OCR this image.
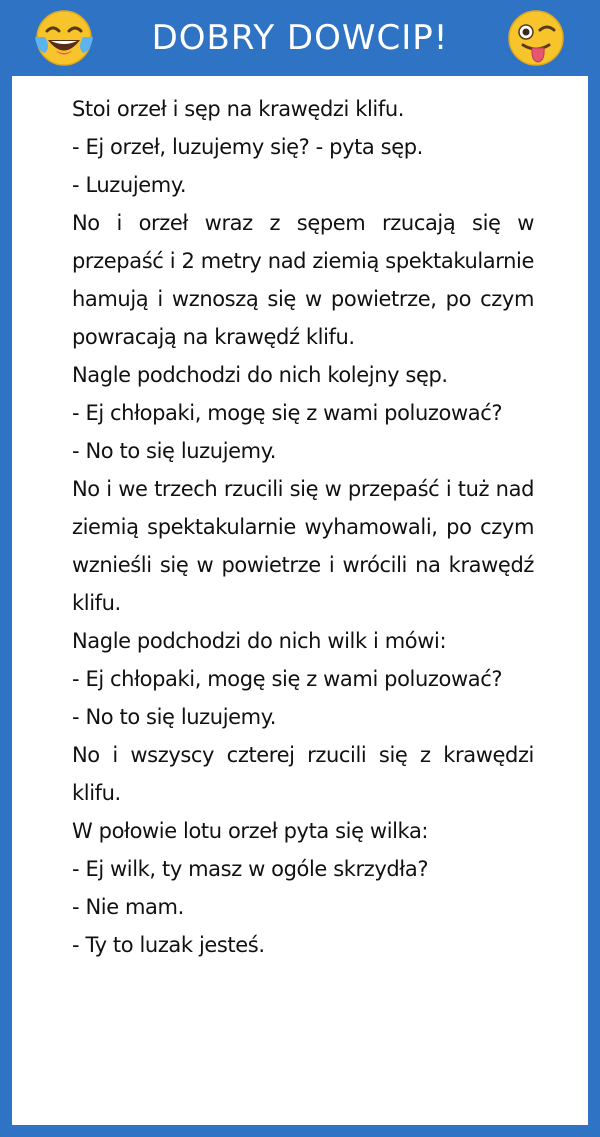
DOBRY DOWCIP!

Stoi orzeł i sęp na krawędzi klifu.

- Ej orzeł, luzujemy się? - pyta sęp.

- Luzujemy.

No i orzeł wraz z sępem rzucają się w przepaść i 2 metry nad ziemią spektakularnie hamują i wznoszą się w powietrze, po czym powracają na krawędź klifu.

Nagle podchodzi do nich kolejny sęp.

- Ej chłopaki, mogę się z wami poluzować?

- No to się luzujemy.

No i we trzech rzucili się w przepaść i tuż nad ziemią spektakularnie wyhamowali, po czym wznieśli się w powietrze i wrócili na krawędź klifu.

Nagle podchodzi do nich wilk i mówi:

- Ej chłopaki, mogę się z wami poluzować?

- No to się luzujemy.

No i wszyscy czterej rzucili się z krawędzi klifu.

W połowie lotu orzeł pyta się wilka:

- Ej wilk, ty masz w ogóle skrzydła?

- Nie mam.

- Ty to luzak jesteś.
